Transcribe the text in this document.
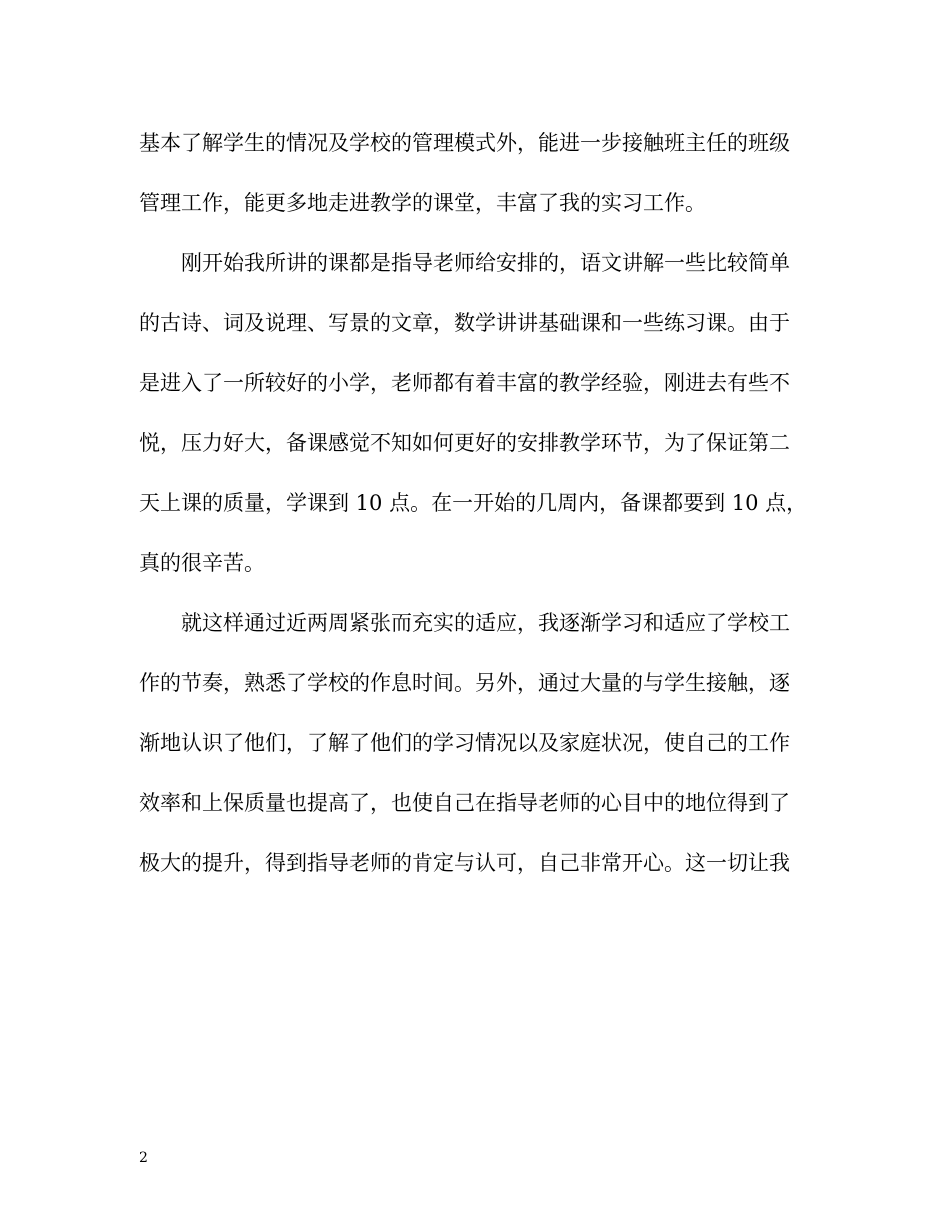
基本了解学生的情况及学校的管理模式外，能进一步接触班主任的班级
管理工作，能更多地走进教学的课堂，丰富了我的实习工作。
刚开始我所讲的课都是指导老师给安排的，语文讲解一些比较简单
的古诗、词及说理、写景的文章，数学讲讲基础课和一些练习课。由于
是进入了一所较好的小学，老师都有着丰富的教学经验，刚进去有些不
悦，压力好大，备课感觉不知如何更好的安排教学环节，为了保证第二
天上课的质量，学课到 10 点。在一开始的几周内，备课都要到 10 点，
真的很辛苦。
就这样通过近两周紧张而充实的适应，我逐渐学习和适应了学校工
作的节奏，熟悉了学校的作息时间。另外，通过大量的与学生接触，逐
渐地认识了他们，了解了他们的学习情况以及家庭状况，使自己的工作
效率和上保质量也提高了，也使自己在指导老师的心目中的地位得到了
极大的提升，得到指导老师的肯定与认可，自己非常开心。这一切让我
2
